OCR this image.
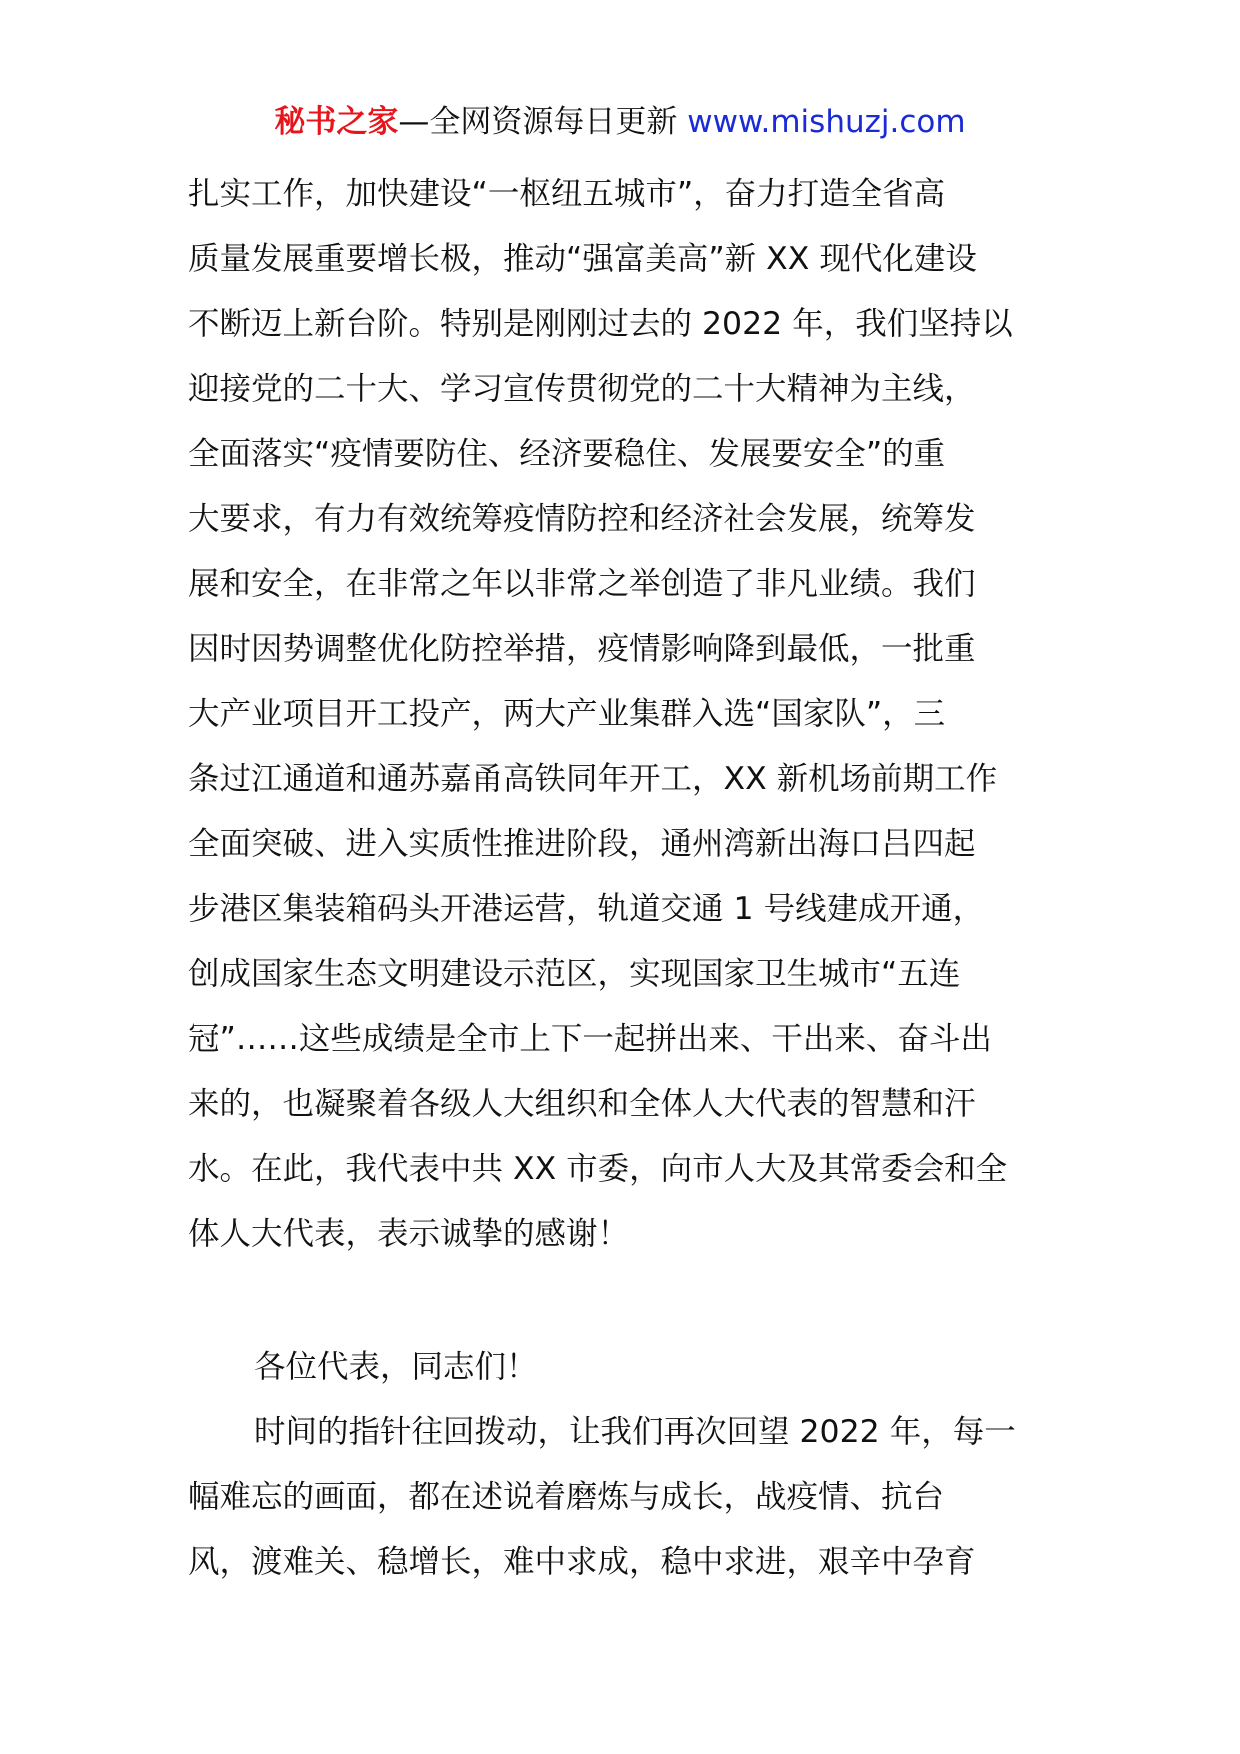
秘书之家—全网资源每日更新 www.mishuzj.com
扎实工作，加快建设“一枢纽五城市”，奋力打造全省高
质量发展重要增长极，推动“强富美高”新 XX 现代化建设
不断迈上新台阶。特别是刚刚过去的 2022 年，我们坚持以
迎接党的二十大、学习宣传贯彻党的二十大精神为主线，
全面落实“疫情要防住、经济要稳住、发展要安全”的重
大要求，有力有效统筹疫情防控和经济社会发展，统筹发
展和安全，在非常之年以非常之举创造了非凡业绩。我们
因时因势调整优化防控举措，疫情影响降到最低，一批重
大产业项目开工投产，两大产业集群入选“国家队”，三
条过江通道和通苏嘉甬高铁同年开工，XX 新机场前期工作
全面突破、进入实质性推进阶段，通州湾新出海口吕四起
步港区集装箱码头开港运营，轨道交通 1 号线建成开通，
创成国家生态文明建设示范区，实现国家卫生城市“五连
冠”……这些成绩是全市上下一起拼出来、干出来、奋斗出
来的，也凝聚着各级人大组织和全体人大代表的智慧和汗
水。在此，我代表中共 XX 市委，向市人大及其常委会和全
体人大代表，表示诚挚的感谢！
各位代表，同志们！
时间的指针往回拨动，让我们再次回望 2022 年，每一
幅难忘的画面，都在述说着磨炼与成长，战疫情、抗台
风，渡难关、稳增长，难中求成，稳中求进，艰辛中孕育
